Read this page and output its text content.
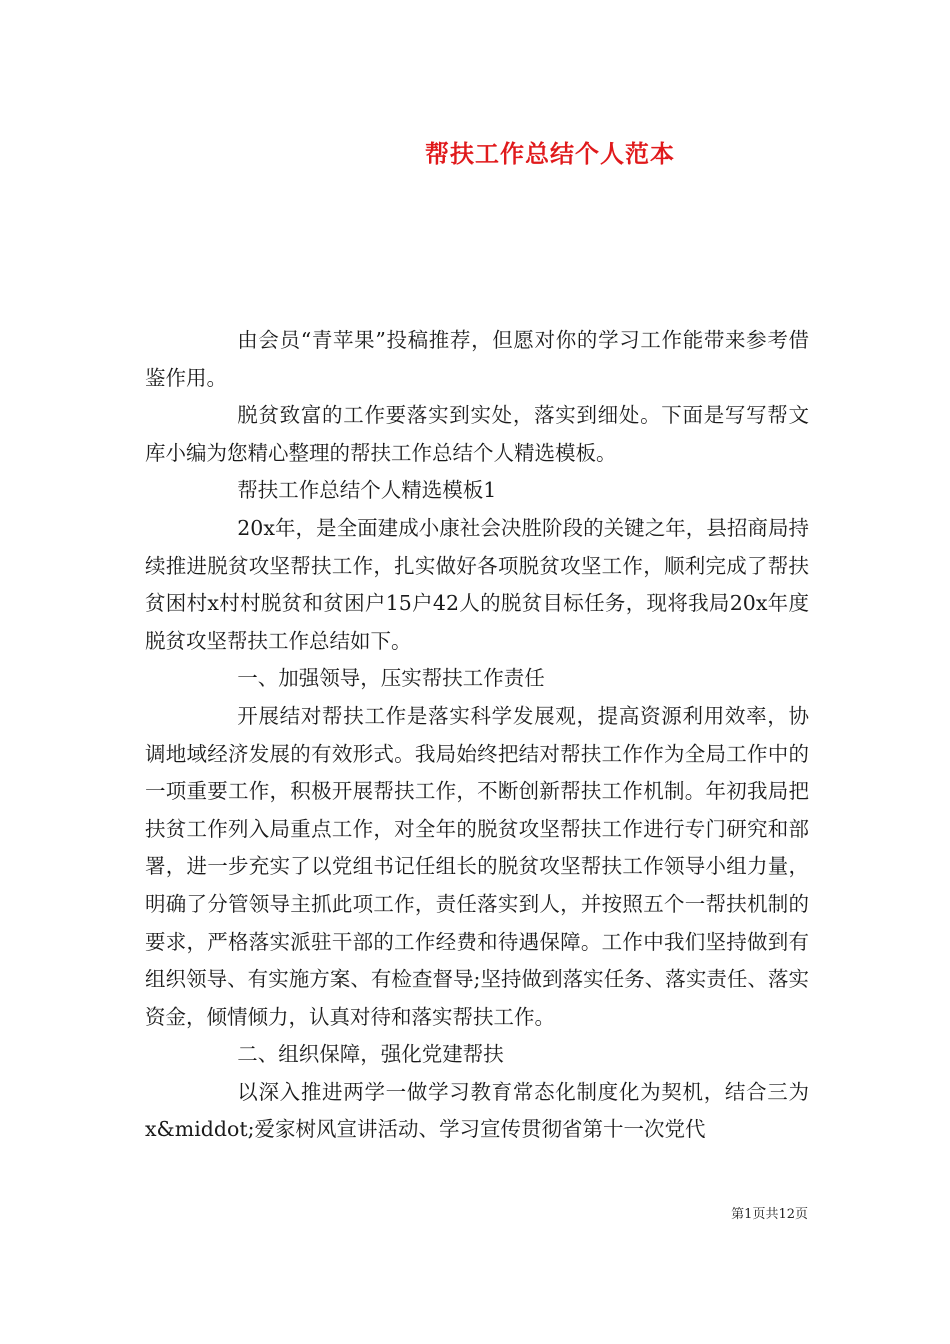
帮扶工作总结个人范本

由会员“青苹果”投稿推荐，但愿对你的学习工作能带来参考借鉴作用。

脱贫致富的工作要落实到实处，落实到细处。下面是写写帮文库小编为您精心整理的帮扶工作总结个人精选模板。

帮扶工作总结个人精选模板1

20x年，是全面建成小康社会决胜阶段的关键之年，县招商局持续推进脱贫攻坚帮扶工作，扎实做好各项脱贫攻坚工作，顺利完成了帮扶贫困村x村村脱贫和贫困户15户42人的脱贫目标任务，现将我局20x年度脱贫攻坚帮扶工作总结如下。

一、加强领导，压实帮扶工作责任

开展结对帮扶工作是落实科学发展观，提高资源利用效率，协调地域经济发展的有效形式。我局始终把结对帮扶工作作为全局工作中的一项重要工作，积极开展帮扶工作，不断创新帮扶工作机制。年初我局把扶贫工作列入局重点工作，对全年的脱贫攻坚帮扶工作进行专门研究和部署，进一步充实了以党组书记任组长的脱贫攻坚帮扶工作领导小组力量，明确了分管领导主抓此项工作，责任落实到人，并按照五个一帮扶机制的要求，严格落实派驻干部的工作经费和待遇保障。工作中我们坚持做到有组织领导、有实施方案、有检查督导;坚持做到落实任务、落实责任、落实资金，倾情倾力，认真对待和落实帮扶工作。

二、组织保障，强化党建帮扶

以深入推进两学一做学习教育常态化制度化为契机，结合三为x&middot;爱家树风宣讲活动、学习宣传贯彻省第十一次党代

第1页共12页
